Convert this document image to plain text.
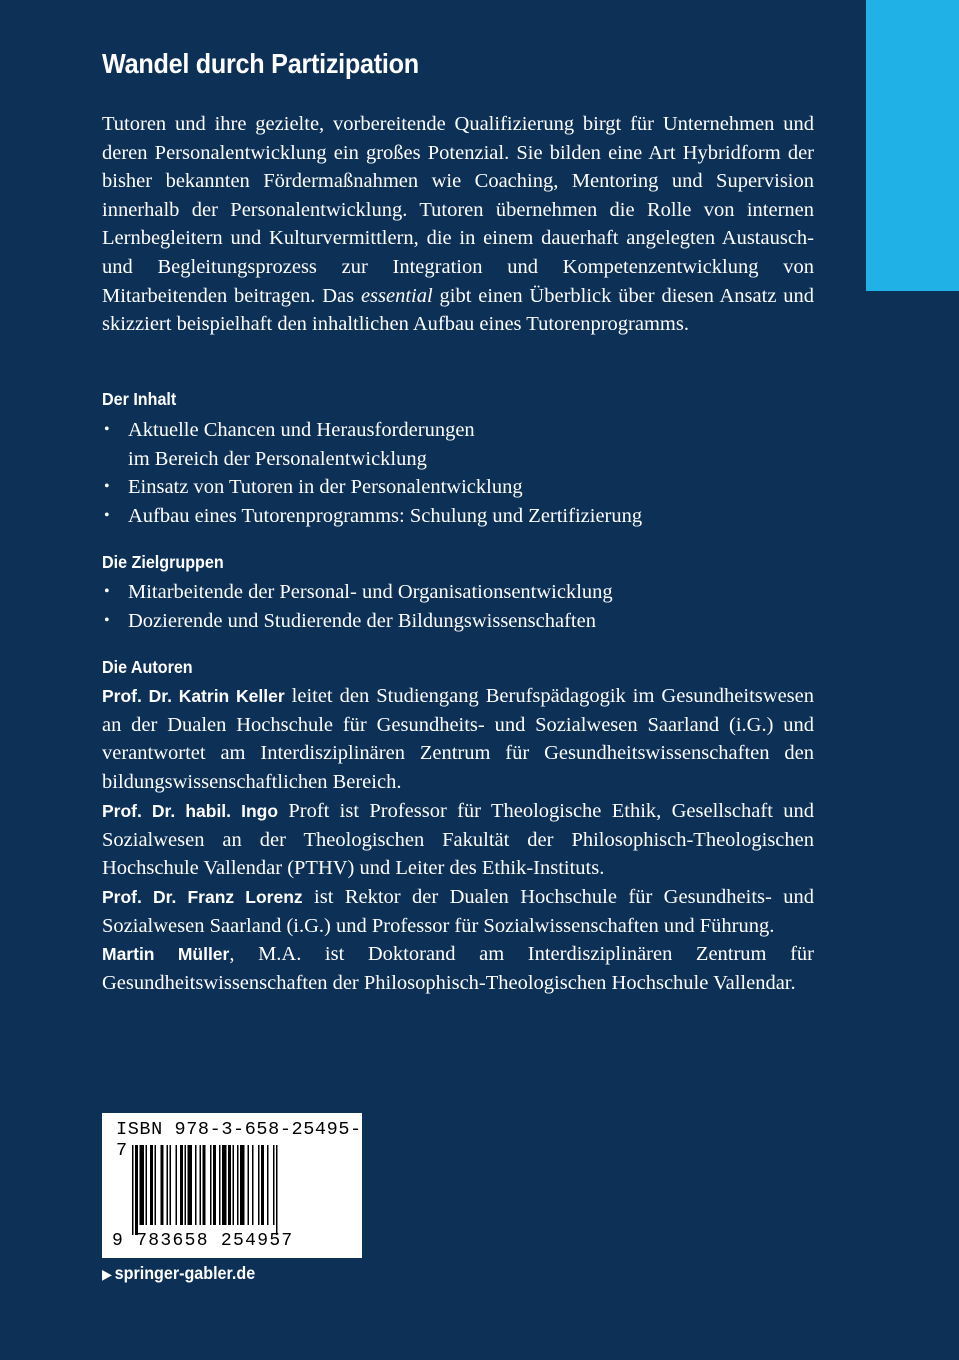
Wandel durch Partizipation

Tutoren und ihre gezielte, vorbereitende Qualifizierung birgt für Unternehmen und deren Personalentwicklung ein großes Potenzial. Sie bilden eine Art Hybridform der bisher bekannten Fördermaßnahmen wie Coaching, Mentoring und Supervision innerhalb der Personalentwicklung. Tutoren übernehmen die Rolle von internen Lernbegleitern und Kulturvermittlern, die in einem dauerhaft angelegten Austausch- und Begleitungsprozess zur Integration und Kompetenzentwicklung von Mitarbeitenden beitragen. Das essential gibt einen Überblick über diesen Ansatz und skizziert beispielhaft den inhaltlichen Aufbau eines Tutorenprogramms.

Der Inhalt
• Aktuelle Chancen und Herausforderungen
im Bereich der Personalentwicklung
• Einsatz von Tutoren in der Personalentwicklung
• Aufbau eines Tutorenprogramms: Schulung und Zertifizierung
Die Zielgruppen
• Mitarbeitende der Personal- und Organisationsentwicklung
• Dozierende und Studierende der Bildungswissenschaften
Die Autoren

Prof. Dr. Katrin Keller leitet den Studiengang Berufspädagogik im Gesundheitswesen an der Dualen Hochschule für Gesundheits- und Sozialwesen Saarland (i.G.) und verantwortet am Interdisziplinären Zentrum für Gesundheitswissenschaften den bildungswissenschaftlichen Bereich.

Prof. Dr. habil. Ingo Proft ist Professor für Theologische Ethik, Gesellschaft und Sozialwesen an der Theologischen Fakultät der Philosophisch-Theologischen Hochschule Vallendar (PTHV) und Leiter des Ethik-Instituts.

Prof. Dr. Franz Lorenz ist Rektor der Dualen Hochschule für Gesundheits- und Sozialwesen Saarland (i.G.) und Professor für Sozialwissenschaften und Führung.

Martin Müller, M.A. ist Doktorand am Interdisziplinären Zentrum für Gesundheitswissenschaften der Philosophisch-Theologischen Hochschule Vallendar.

ISBN 978-3-658-25495-7
9 783658 254957

▶ springer-gabler.de
